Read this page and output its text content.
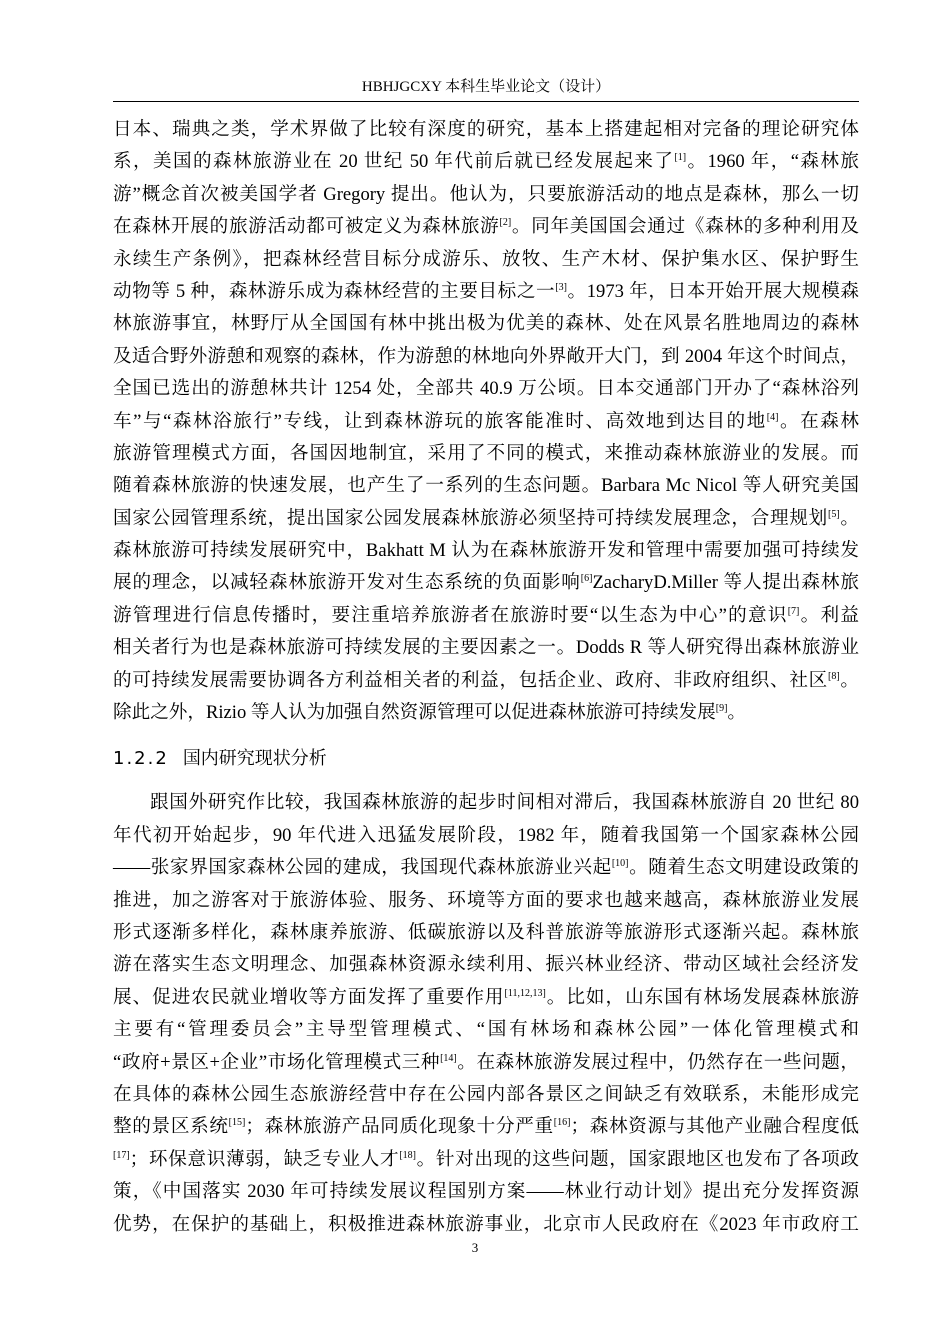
HBHJGCXY 本科生毕业论文（设计）
日本、瑞典之类，学术界做了比较有深度的研究，基本上搭建起相对完备的理论研究体
系，美国的森林旅游业在 20 世纪 50 年代前后就已经发展起来了[1]。1960 年，“森林旅
游”概念首次被美国学者 Gregory 提出。他认为，只要旅游活动的地点是森林，那么一切
在森林开展的旅游活动都可被定义为森林旅游[2]。同年美国国会通过《森林的多种利用及
永续生产条例》，把森林经营目标分成游乐、放牧、生产木材、保护集水区、保护野生
动物等 5 种，森林游乐成为森林经营的主要目标之一[3]。1973 年，日本开始开展大规模森
林旅游事宜，林野厅从全国国有林中挑出极为优美的森林、处在风景名胜地周边的森林
及适合野外游憩和观察的森林，作为游憩的林地向外界敞开大门，到 2004 年这个时间点，
全国已选出的游憩林共计 1254 处，全部共 40.9 万公顷。日本交通部门开办了“森林浴列
车”与“森林浴旅行”专线，让到森林游玩的旅客能准时、高效地到达目的地[4]。在森林
旅游管理模式方面，各国因地制宜，采用了不同的模式，来推动森林旅游业的发展。而
随着森林旅游的快速发展，也产生了一系列的生态问题。Barbara Mc Nicol 等人研究美国
国家公园管理系统，提出国家公园发展森林旅游必须坚持可持续发展理念，合理规划[5]。
森林旅游可持续发展研究中，Bakhatt M 认为在森林旅游开发和管理中需要加强可持续发
展的理念，以减轻森林旅游开发对生态系统的负面影响[6]ZacharyD.Miller 等人提出森林旅
游管理进行信息传播时，要注重培养旅游者在旅游时要“以生态为中心”的意识[7]。利益
相关者行为也是森林旅游可持续发展的主要因素之一。Dodds R 等人研究得出森林旅游业
的可持续发展需要协调各方利益相关者的利益，包括企业、政府、非政府组织、社区[8]。
除此之外，Rizio 等人认为加强自然资源管理可以促进森林旅游可持续发展[9]。
1.2.2 国内研究现状分析
跟国外研究作比较，我国森林旅游的起步时间相对滞后，我国森林旅游自 20 世纪 80
年代初开始起步，90 年代进入迅猛发展阶段，1982 年，随着我国第一个国家森林公园
——张家界国家森林公园的建成，我国现代森林旅游业兴起[10]。随着生态文明建设政策的
推进，加之游客对于旅游体验、服务、环境等方面的要求也越来越高，森林旅游业发展
形式逐渐多样化，森林康养旅游、低碳旅游以及科普旅游等旅游形式逐渐兴起。森林旅
游在落实生态文明理念、加强森林资源永续利用、振兴林业经济、带动区域社会经济发
展、促进农民就业增收等方面发挥了重要作用[11,12,13]。比如，山东国有林场发展森林旅游
主要有“管理委员会”主导型管理模式、“国有林场和森林公园”一体化管理模式和
“政府+景区+企业”市场化管理模式三种[14]。在森林旅游发展过程中，仍然存在一些问题，
在具体的森林公园生态旅游经营中存在公园内部各景区之间缺乏有效联系，未能形成完
整的景区系统[15]；森林旅游产品同质化现象十分严重[16]；森林资源与其他产业融合程度低
[17]；环保意识薄弱，缺乏专业人才[18]。针对出现的这些问题，国家跟地区也发布了各项政
策，《中国落实 2030 年可持续发展议程国别方案——林业行动计划》提出充分发挥资源
优势，在保护的基础上，积极推进森林旅游事业，北京市人民政府在《2023 年市政府工
3
